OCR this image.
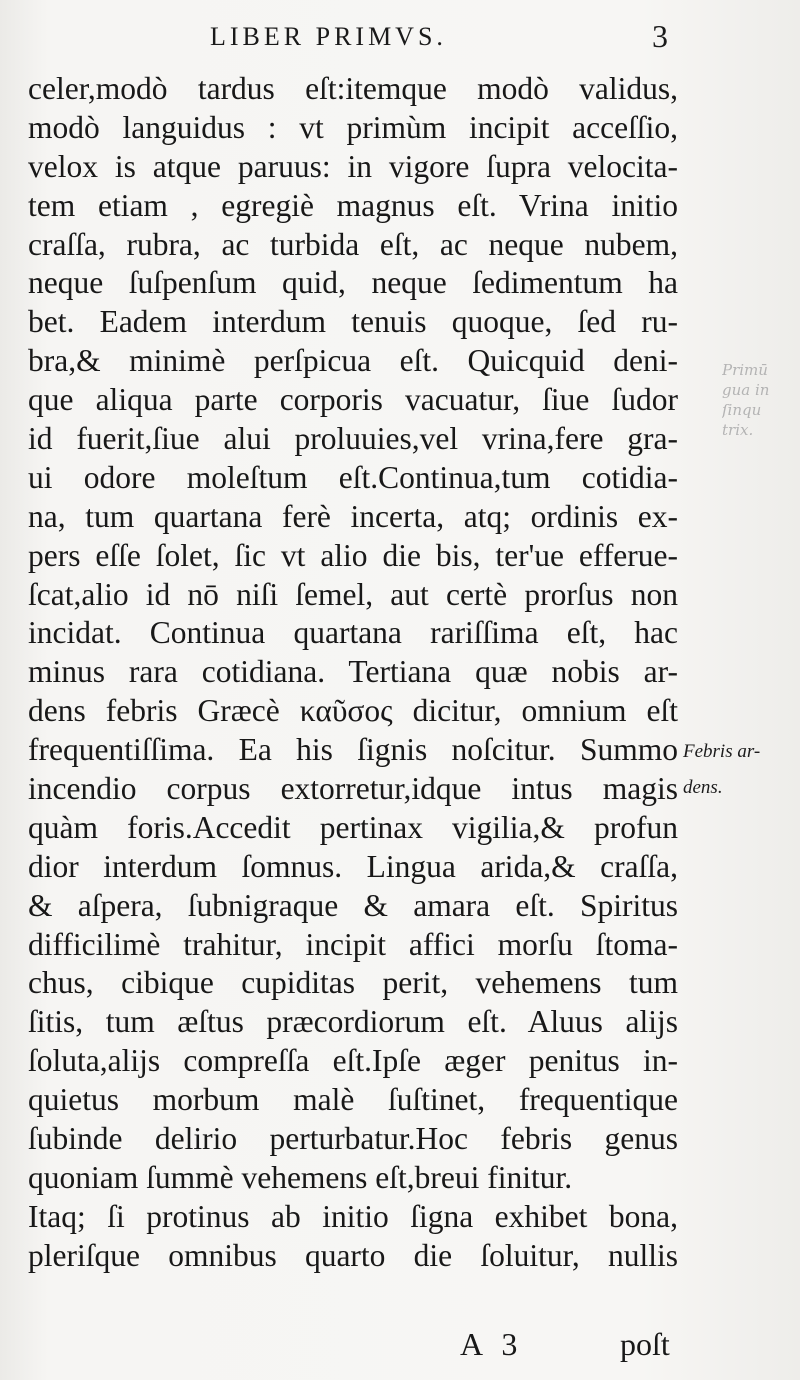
Primū
gua in
ſinqu
trix.
LIBER PRIMVS.	3
celer,modò tardus eſt:itemque modò validus,
modò languidus : vt primùm incipit acceſſio,
velox is atque paruus: in vigore ſupra velocita-
tem etiam , egregiè magnus eſt. Vrina initio
craſſa, rubra, ac turbida eſt, ac neque nubem,
neque ſuſpenſum quid, neque ſedimentum ha
bet. Eadem interdum tenuis quoque, ſed ru-
bra,& minimè perſpicua eſt. Quicquid deni-
que aliqua parte corporis vacuatur, ſiue ſudor
id fuerit,ſiue alui proluuies,vel vrina,fere gra-
ui odore moleſtum eſt.Continua,tum cotidia-
na, tum quartana ferè incerta, atq; ordinis ex-
pers eſſe ſolet, ſic vt alio die bis, ter'ue efferue-
ſcat,alio id nō niſi ſemel, aut certè prorſus non
incidat. Continua quartana rariſſima eſt, hac
minus rara cotidiana. Tertiana quæ nobis ar-
dens febris Græcè καῦσος dicitur, omnium eſt
frequentiſſima. Ea his ſignis noſcitur. Summo
incendio corpus extorretur,idque intus magis
quàm foris.Accedit pertinax vigilia,& profun
dior interdum ſomnus. Lingua arida,& craſſa,
& aſpera, ſubnigraque & amara eſt. Spiritus
difficilimè trahitur, incipit affici morſu ſtoma-
chus, cibique cupiditas perit, vehemens tum
ſitis, tum æſtus præcordiorum eſt. Aluus alijs
ſoluta,alijs compreſſa eſt.Ipſe æger penitus in-
quietus morbum malè ſuſtinet, frequentique
ſubinde delirio perturbatur.Hoc febris genus
quoniam ſummè vehemens eſt,breui finitur.
Itaq; ſi protinus ab initio ſigna exhibet bona,
pleriſque omnibus quarto die ſoluitur, nullis
Febris ar-
dens.
A 3	poſt
